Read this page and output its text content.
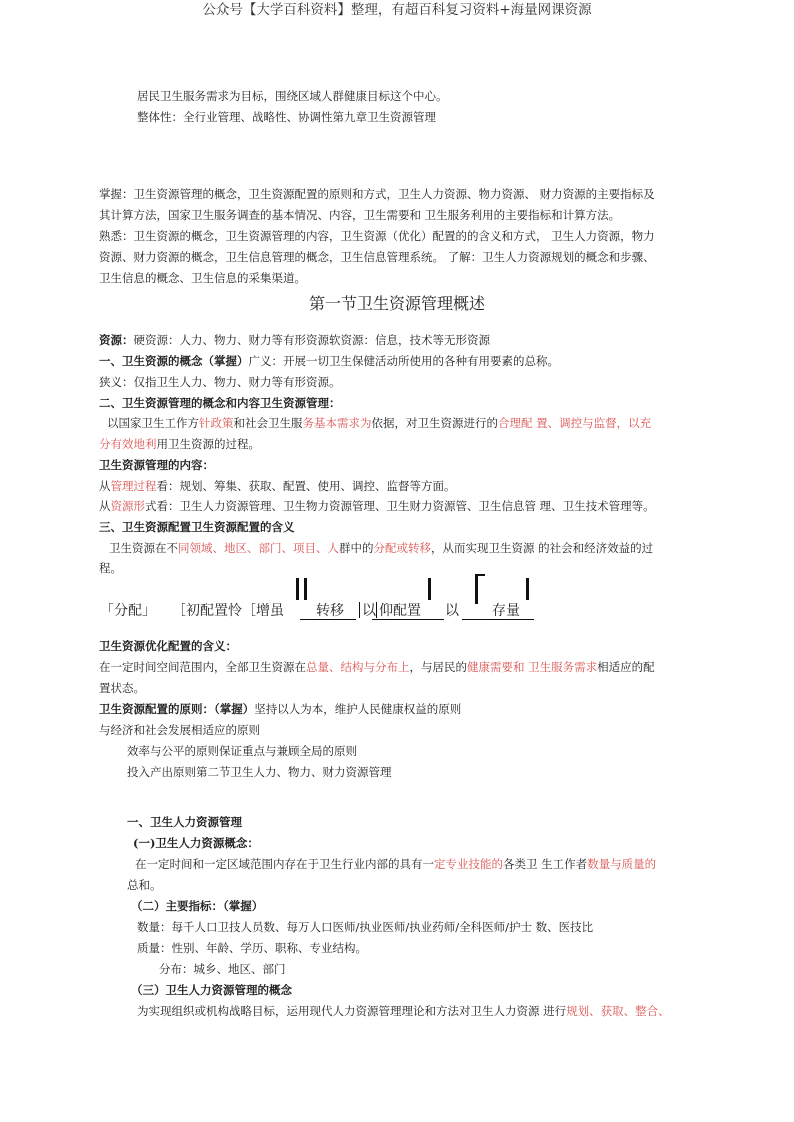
公众号【大学百科资料】整理，有超百科复习资料+海量网课资源
居民卫生服务需求为目标，围绕区域人群健康目标这个中心。
整体性：全行业管理、战略性、协调性第九章卫生资源管理
掌握：卫生资源管理的概念，卫生资源配置的原则和方式，卫生人力资源、物力资源、 财力资源的主要指标及
其计算方法，国家卫生服务调查的基本情况、内容，卫生需要和 卫生服务利用的主要指标和计算方法。
熟悉：卫生资源的概念，卫生资源管理的内容，卫生资源（优化）配置的的含义和方式， 卫生人力资源，物力
资源、财力资源的概念，卫生信息管理的概念，卫生信息管理系统。 了解：卫生人力资源规划的概念和步骤、
卫生信息的概念、卫生信息的采集渠道。
第一节卫生资源管理概述
资源：硬资源：人力、物力、财力等有形资源软资源：信息，技术等无形资源
一、卫生资源的概念（掌握）广义：开展一切卫生保健活动所使用的各种有用要素的总称。
狭义：仅指卫生人力、物力、财力等有形资源。
二、卫生资源管理的概念和内容卫生资源管理：
以国家卫生工作方针政策和社会卫生服务基本需求为依据，对卫生资源进行的合理配 置、调控与监督，以充
分有效地利用卫生资源的过程。
卫生资源管理的内容：
从管理过程看：规划、筹集、获取、配置、使用、调控、监督等方面。
从资源形式看：卫生人力资源管理、卫生物力资源管理、卫生财力资源管、卫生信息管 理、卫生技术管理等。
三、卫生资源配置卫生资源配置的含义
卫生资源在不同领域、地区、部门、项目、人群中的分配或转移，从而实现卫生资源 的社会和经济效益的过
程。
「分配」 ［初配置怜［增虽 转移 以 仰配置 以 存量
卫生资源优化配置的含义：
在一定时间空间范围内，全部卫生资源在总量、结构与分布上，与居民的健康需要和 卫生服务需求相适应的配
置状态。
卫生资源配置的原则：（掌握）坚持以人为本，维护人民健康权益的原则
与经济和社会发展相适应的原则
效率与公平的原则保证重点与兼顾全局的原则
投入产出原则第二节卫生人力、物力、财力资源管理
一、卫生人力资源管理
(一)卫生人力资源概念：
在一定时间和一定区域范围内存在于卫生行业内部的具有一定专业技能的各类卫 生工作者数量与质量的
总和。
（二）主要指标：（掌握）
数量：每千人口卫技人员数、每万人口医师/执业医师/执业药师/全科医师/护士 数、医技比
质量：性别、年龄、学历、职称、专业结构。
分布：城乡、地区、部门
（三）卫生人力资源管理的概念
为实现组织或机构战略目标，运用现代人力资源管理理论和方法对卫生人力资源 进行规划、获取、整合、
